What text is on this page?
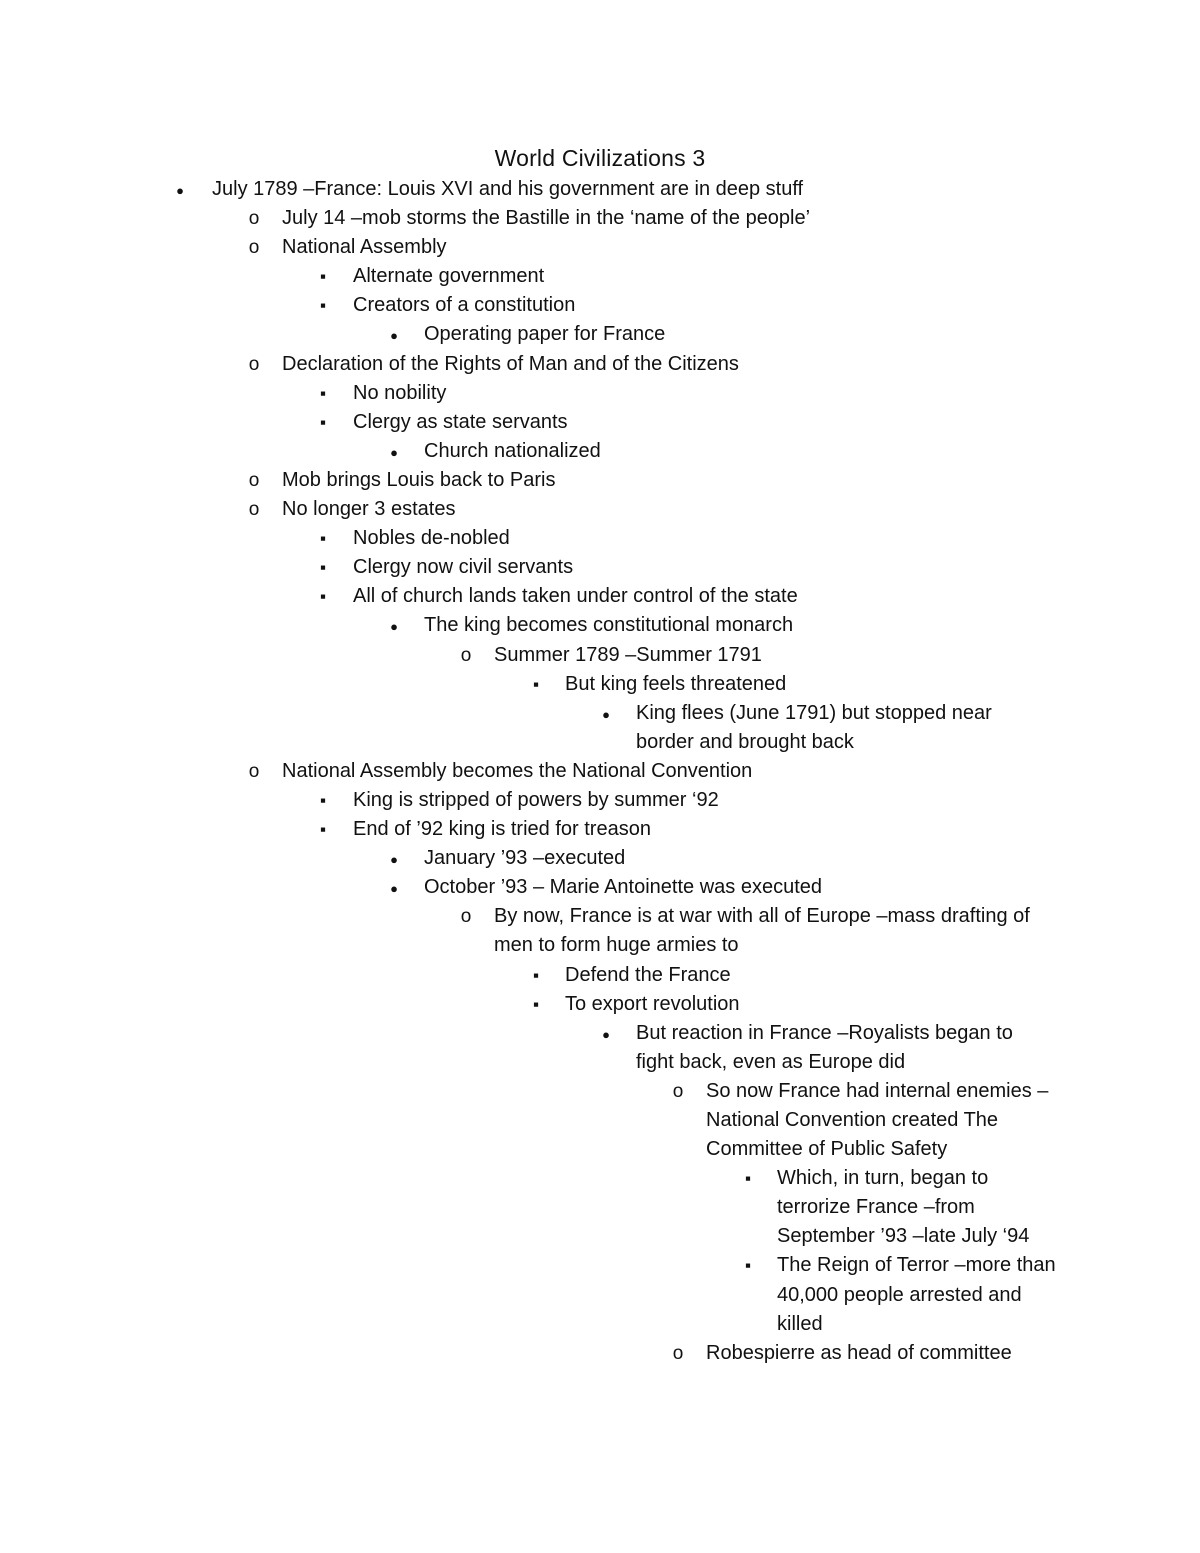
World Civilizations 3
●
July 1789 –France: Louis XVI and his government are in deep stuff
o
July 14 –mob storms the Bastille in the ‘name of the people’
o
National Assembly
▪
Alternate government
▪
Creators of a constitution
●
Operating paper for France
o
Declaration of the Rights of Man and of the Citizens
▪
No nobility
▪
Clergy as state servants
●
Church nationalized
o
Mob brings Louis back to Paris
o
No longer 3 estates
▪
Nobles de-nobled
▪
Clergy now civil servants
▪
All of church lands taken under control of the state
●
The king becomes constitutional monarch
o
Summer 1789 –Summer 1791
▪
But king feels threatened
●
King flees (June 1791) but stopped near border and brought back
o
National Assembly becomes the National Convention
▪
King is stripped of powers by summer ‘92
▪
End of ’92 king is tried for treason
●
January ’93 –executed
●
October ’93 – Marie Antoinette was executed
o
By now, France is at war with all of Europe –mass drafting of men to form huge armies to
▪
Defend the France
▪
To export revolution
●
But reaction in France –Royalists began to fight back, even as Europe did
o
So now France had internal enemies –National Convention created The Committee of Public Safety
▪
Which, in turn, began to terrorize France –from September ’93 –late July ‘94
▪
The Reign of Terror –more than 40,000 people arrested and killed
o
Robespierre as head of committee
